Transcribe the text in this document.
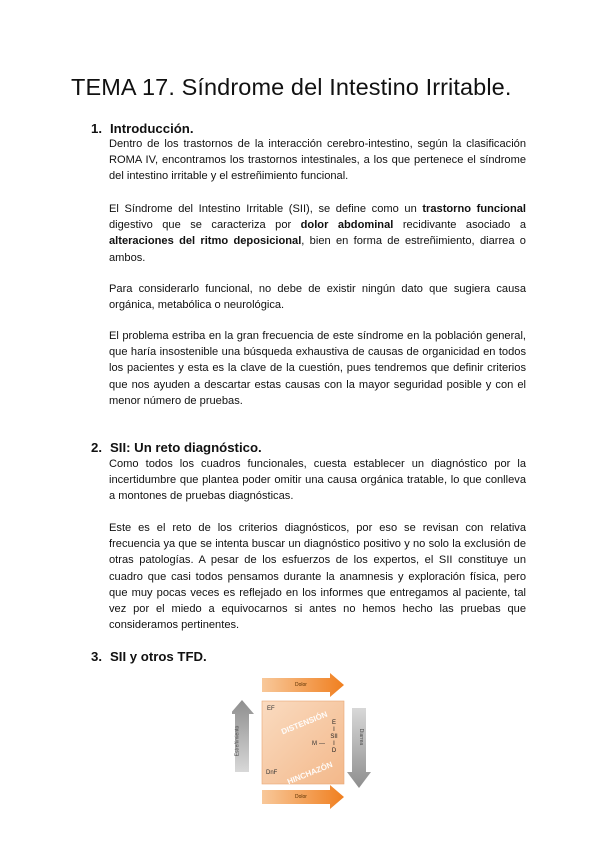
TEMA 17. Síndrome del Intestino Irritable.
1. Introducción.

Dentro de los trastornos de la interacción cerebro-intestino, según la clasificación ROMA IV, encontramos los trastornos intestinales, a los que pertenece el síndrome del intestino irritable y el estreñimiento funcional.

El Síndrome del Intestino Irritable (SII), se define como un trastorno funcional digestivo que se caracteriza por dolor abdominal recidivante asociado a alteraciones del ritmo deposicional, bien en forma de estreñimiento, diarrea o ambos.

Para considerarlo funcional, no debe de existir ningún dato que sugiera causa orgánica, metabólica o neurológica.

El problema estriba en la gran frecuencia de este síndrome en la población general, que haría insostenible una búsqueda exhaustiva de causas de organicidad en todos los pacientes y esta es la clave de la cuestión, pues tendremos que definir criterios que nos ayuden a descartar estas causas con la mayor seguridad posible y con el menor número de pruebas.

2. SII: Un reto diagnóstico.

Como todos los cuadros funcionales, cuesta establecer un diagnóstico por la incertidumbre que plantea poder omitir una causa orgánica tratable, lo que conlleva a montones de pruebas diagnósticas.

Este es el reto de los criterios diagnósticos, por eso se revisan con relativa frecuencia ya que se intenta buscar un diagnóstico positivo y no solo la exclusión de otras patologías. A pesar de los esfuerzos de los expertos, el SII constituye un cuadro que casi todos pensamos durante la anamnesis y exploración física, pero que muy pocas veces es reflejado en los informes que entregamos al paciente, tal vez por el miedo a equivocarnos si antes no hemos hecho las pruebas que consideramos pertinentes.

3. SII y otros TFD.
Dolor
Dolor
Estreñimiento	Diarrea
EF
DnF
DISTENSIÓN
HINCHAZÓN
M —
E
I
SII
I
D
